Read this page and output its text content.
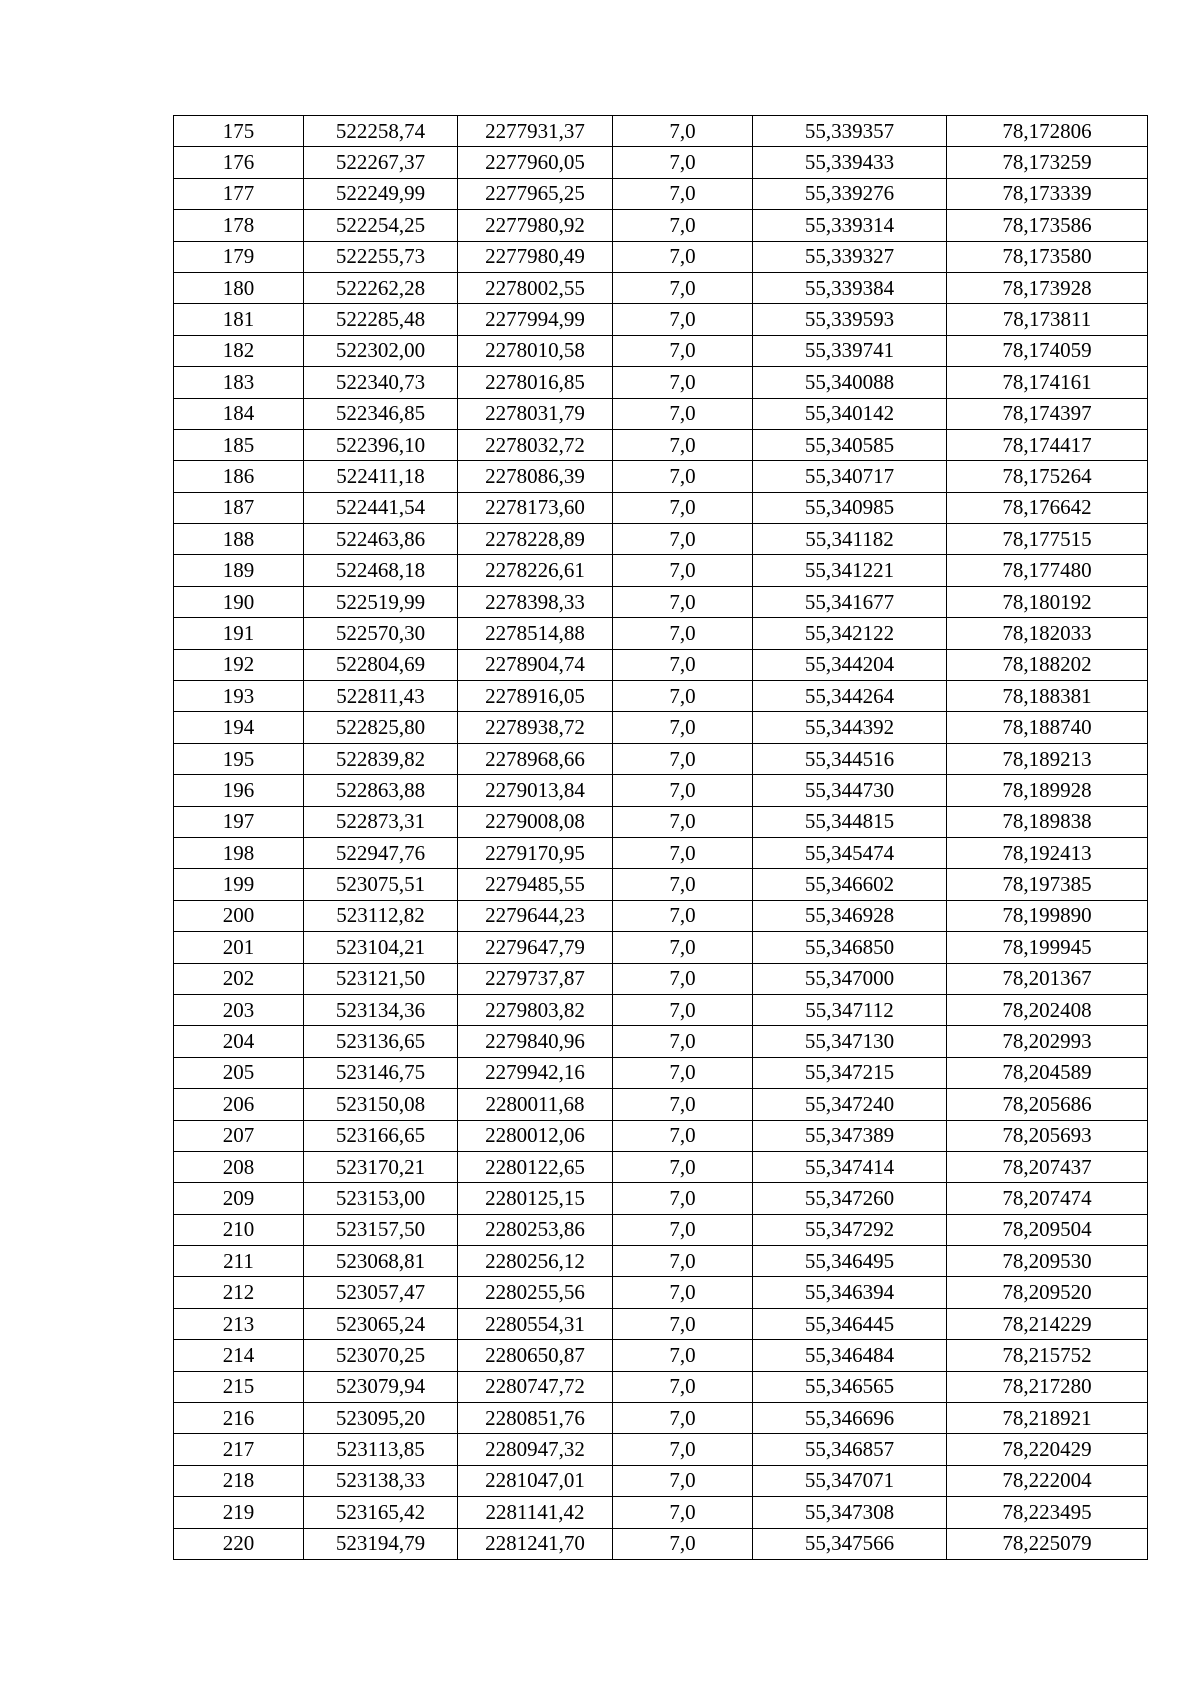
175	522258,74	2277931,37	7,0	55,339357	78,172806
176	522267,37	2277960,05	7,0	55,339433	78,173259
177	522249,99	2277965,25	7,0	55,339276	78,173339
178	522254,25	2277980,92	7,0	55,339314	78,173586
179	522255,73	2277980,49	7,0	55,339327	78,173580
180	522262,28	2278002,55	7,0	55,339384	78,173928
181	522285,48	2277994,99	7,0	55,339593	78,173811
182	522302,00	2278010,58	7,0	55,339741	78,174059
183	522340,73	2278016,85	7,0	55,340088	78,174161
184	522346,85	2278031,79	7,0	55,340142	78,174397
185	522396,10	2278032,72	7,0	55,340585	78,174417
186	522411,18	2278086,39	7,0	55,340717	78,175264
187	522441,54	2278173,60	7,0	55,340985	78,176642
188	522463,86	2278228,89	7,0	55,341182	78,177515
189	522468,18	2278226,61	7,0	55,341221	78,177480
190	522519,99	2278398,33	7,0	55,341677	78,180192
191	522570,30	2278514,88	7,0	55,342122	78,182033
192	522804,69	2278904,74	7,0	55,344204	78,188202
193	522811,43	2278916,05	7,0	55,344264	78,188381
194	522825,80	2278938,72	7,0	55,344392	78,188740
195	522839,82	2278968,66	7,0	55,344516	78,189213
196	522863,88	2279013,84	7,0	55,344730	78,189928
197	522873,31	2279008,08	7,0	55,344815	78,189838
198	522947,76	2279170,95	7,0	55,345474	78,192413
199	523075,51	2279485,55	7,0	55,346602	78,197385
200	523112,82	2279644,23	7,0	55,346928	78,199890
201	523104,21	2279647,79	7,0	55,346850	78,199945
202	523121,50	2279737,87	7,0	55,347000	78,201367
203	523134,36	2279803,82	7,0	55,347112	78,202408
204	523136,65	2279840,96	7,0	55,347130	78,202993
205	523146,75	2279942,16	7,0	55,347215	78,204589
206	523150,08	2280011,68	7,0	55,347240	78,205686
207	523166,65	2280012,06	7,0	55,347389	78,205693
208	523170,21	2280122,65	7,0	55,347414	78,207437
209	523153,00	2280125,15	7,0	55,347260	78,207474
210	523157,50	2280253,86	7,0	55,347292	78,209504
211	523068,81	2280256,12	7,0	55,346495	78,209530
212	523057,47	2280255,56	7,0	55,346394	78,209520
213	523065,24	2280554,31	7,0	55,346445	78,214229
214	523070,25	2280650,87	7,0	55,346484	78,215752
215	523079,94	2280747,72	7,0	55,346565	78,217280
216	523095,20	2280851,76	7,0	55,346696	78,218921
217	523113,85	2280947,32	7,0	55,346857	78,220429
218	523138,33	2281047,01	7,0	55,347071	78,222004
219	523165,42	2281141,42	7,0	55,347308	78,223495
220	523194,79	2281241,70	7,0	55,347566	78,225079
